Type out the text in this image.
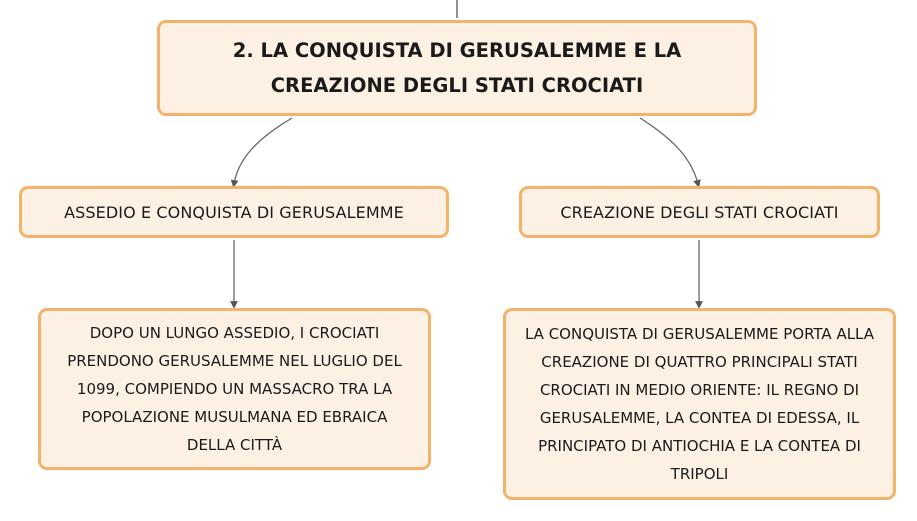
2. LA CONQUISTA DI GERUSALEMME E LA CREAZIONE DEGLI STATI CROCIATI
ASSEDIO E CONQUISTA DI GERUSALEMME	CREAZIONE DEGLI STATI CROCIATI
DOPO UN LUNGO ASSEDIO, I CROCIATI PRENDONO GERUSALEMME NEL LUGLIO DEL 1099, COMPIENDO UN MASSACRO TRA LA POPOLAZIONE MUSULMANA ED EBRAICA DELLA CITTÀ
LA CONQUISTA DI GERUSALEMME PORTA ALLA CREAZIONE DI QUATTRO PRINCIPALI STATI CROCIATI IN MEDIO ORIENTE: IL REGNO DI GERUSALEMME, LA CONTEA DI EDESSA, IL PRINCIPATO DI ANTIOCHIA E LA CONTEA DI TRIPOLI
